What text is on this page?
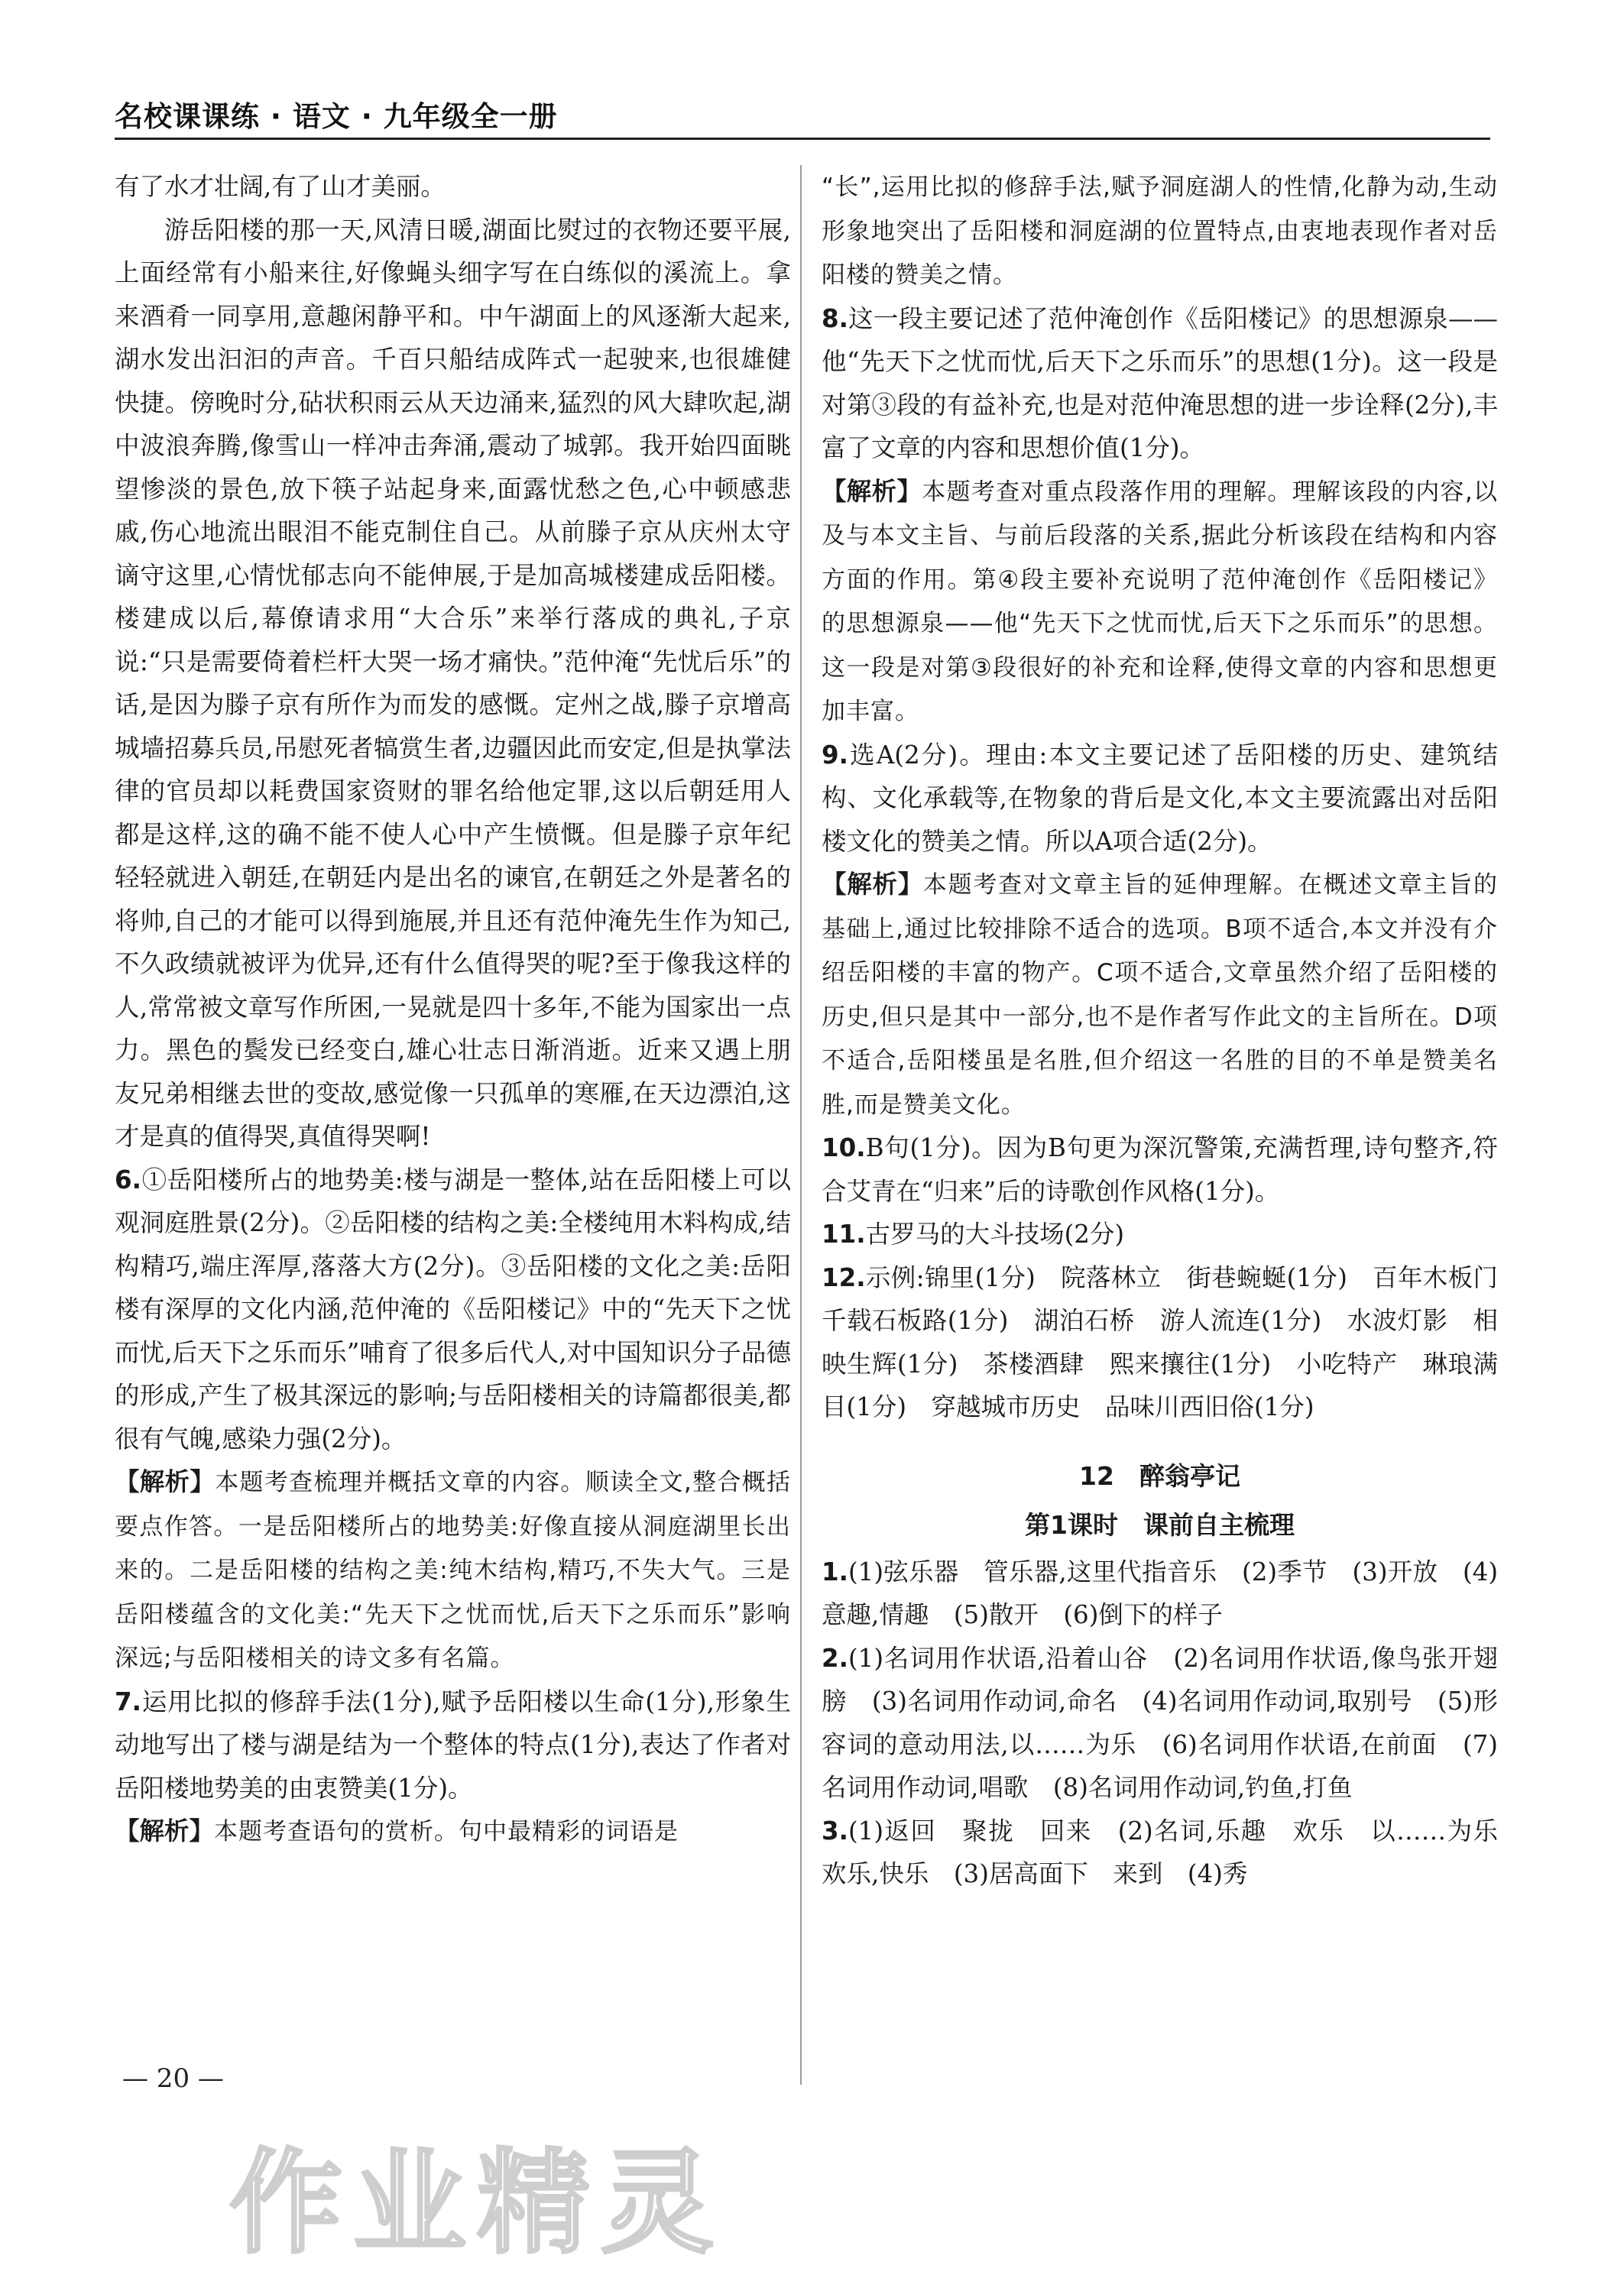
名校课课练 · 语文 · 九年级全一册

有了水才壮阔,有了山才美丽。

游岳阳楼的那一天,风清日暖,湖面比熨过的衣物还要平展,上面经常有小船来往,好像蝇头细字写在白练似的溪流上。拿来酒肴一同享用,意趣闲静平和。中午湖面上的风逐渐大起来,湖水发出汩汩的声音。千百只船结成阵式一起驶来,也很雄健快捷。傍晚时分,砧状积雨云从天边涌来,猛烈的风大肆吹起,湖中波浪奔腾,像雪山一样冲击奔涌,震动了城郭。我开始四面眺望惨淡的景色,放下筷子站起身来,面露忧愁之色,心中顿感悲戚,伤心地流出眼泪不能克制住自己。从前滕子京从庆州太守谪守这里,心情忧郁志向不能伸展,于是加高城楼建成岳阳楼。楼建成以后,幕僚请求用“大合乐”来举行落成的典礼,子京说:“只是需要倚着栏杆大哭一场才痛快。”范仲淹“先忧后乐”的话,是因为滕子京有所作为而发的感慨。定州之战,滕子京增高城墙招募兵员,吊慰死者犒赏生者,边疆因此而安定,但是执掌法律的官员却以耗费国家资财的罪名给他定罪,这以后朝廷用人都是这样,这的确不能不使人心中产生愤慨。但是滕子京年纪轻轻就进入朝廷,在朝廷内是出名的谏官,在朝廷之外是著名的将帅,自己的才能可以得到施展,并且还有范仲淹先生作为知己,不久政绩就被评为优异,还有什么值得哭的呢?至于像我这样的人,常常被文章写作所困,一晃就是四十多年,不能为国家出一点力。黑色的鬓发已经变白,雄心壮志日渐消逝。近来又遇上朋友兄弟相继去世的变故,感觉像一只孤单的寒雁,在天边漂泊,这才是真的值得哭,真值得哭啊!

6.①岳阳楼所占的地势美:楼与湖是一整体,站在岳阳楼上可以观洞庭胜景(2分)。②岳阳楼的结构之美:全楼纯用木料构成,结构精巧,端庄浑厚,落落大方(2分)。③岳阳楼的文化之美:岳阳楼有深厚的文化内涵,范仲淹的《岳阳楼记》中的“先天下之忧而忧,后天下之乐而乐”哺育了很多后代人,对中国知识分子品德的形成,产生了极其深远的影响;与岳阳楼相关的诗篇都很美,都很有气魄,感染力强(2分)。

【解析】本题考查梳理并概括文章的内容。顺读全文,整合概括要点作答。一是岳阳楼所占的地势美:好像直接从洞庭湖里长出来的。二是岳阳楼的结构之美:纯木结构,精巧,不失大气。三是岳阳楼蕴含的文化美:“先天下之忧而忧,后天下之乐而乐”影响深远;与岳阳楼相关的诗文多有名篇。

7.运用比拟的修辞手法(1分),赋予岳阳楼以生命(1分),形象生动地写出了楼与湖是结为一个整体的特点(1分),表达了作者对岳阳楼地势美的由衷赞美(1分)。

【解析】本题考查语句的赏析。句中最精彩的词语是

“长”,运用比拟的修辞手法,赋予洞庭湖人的性情,化静为动,生动形象地突出了岳阳楼和洞庭湖的位置特点,由衷地表现作者对岳阳楼的赞美之情。

8.这一段主要记述了范仲淹创作《岳阳楼记》的思想源泉——他“先天下之忧而忧,后天下之乐而乐”的思想(1分)。这一段是对第③段的有益补充,也是对范仲淹思想的进一步诠释(2分),丰富了文章的内容和思想价值(1分)。

【解析】本题考查对重点段落作用的理解。理解该段的内容,以及与本文主旨、与前后段落的关系,据此分析该段在结构和内容方面的作用。第④段主要补充说明了范仲淹创作《岳阳楼记》的思想源泉——他“先天下之忧而忧,后天下之乐而乐”的思想。这一段是对第③段很好的补充和诠释,使得文章的内容和思想更加丰富。

9.选A(2分)。理由:本文主要记述了岳阳楼的历史、建筑结构、文化承载等,在物象的背后是文化,本文主要流露出对岳阳楼文化的赞美之情。所以A项合适(2分)。

【解析】本题考查对文章主旨的延伸理解。在概述文章主旨的基础上,通过比较排除不适合的选项。B项不适合,本文并没有介绍岳阳楼的丰富的物产。C项不适合,文章虽然介绍了岳阳楼的历史,但只是其中一部分,也不是作者写作此文的主旨所在。D项不适合,岳阳楼虽是名胜,但介绍这一名胜的目的不单是赞美名胜,而是赞美文化。

10.B句(1分)。因为B句更为深沉警策,充满哲理,诗句整齐,符合艾青在“归来”后的诗歌创作风格(1分)。

11.古罗马的大斗技场(2分)

12.示例:锦里(1分)　院落林立　街巷蜿蜒(1分)　百年木板门　千载石板路(1分)　湖泊石桥　游人流连(1分)　水波灯影　相映生辉(1分)　茶楼酒肆　熙来攘往(1分)　小吃特产　琳琅满目(1分)　穿越城市历史　品味川西旧俗(1分)

12　醉翁亭记
第1课时　课前自主梳理

1.(1)弦乐器　管乐器,这里代指音乐　(2)季节　(3)开放　(4)意趣,情趣　(5)散开　(6)倒下的样子

2.(1)名词用作状语,沿着山谷　(2)名词用作状语,像鸟张开翅膀　(3)名词用作动词,命名　(4)名词用作动词,取别号　(5)形容词的意动用法,以……为乐　(6)名词用作状语,在前面　(7)名词用作动词,唱歌　(8)名词用作动词,钓鱼,打鱼

3.(1)返回　聚拢　回来　(2)名词,乐趣　欢乐　以……为乐　欢乐,快乐　(3)居高面下　来到　(4)秀

— 20 —
作业精灵
